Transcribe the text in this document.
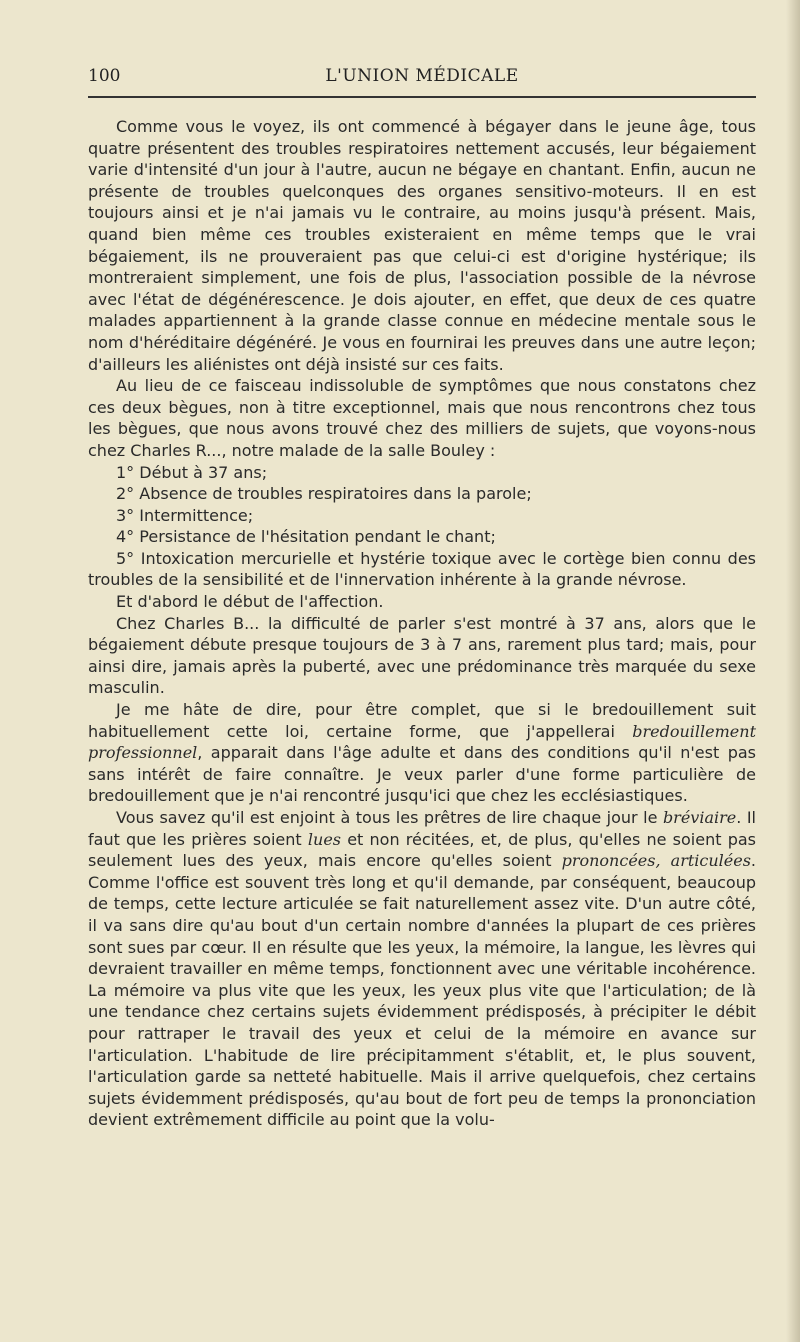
100	L'UNION MÉDICALE

Comme vous le voyez, ils ont commencé à bégayer dans le jeune âge, tous quatre présentent des troubles respiratoires nettement accusés, leur bégaiement varie d'intensité d'un jour à l'autre, aucun ne bégaye en chantant. Enfin, aucun ne présente de troubles quelconques des organes sensitivo-moteurs. Il en est toujours ainsi et je n'ai jamais vu le contraire, au moins jusqu'à présent. Mais, quand bien même ces troubles existeraient en même temps que le vrai bégaiement, ils ne prouveraient pas que celui-ci est d'origine hystérique; ils montreraient simplement, une fois de plus, l'association possible de la névrose avec l'état de dégénérescence. Je dois ajouter, en effet, que deux de ces quatre malades appartiennent à la grande classe connue en médecine mentale sous le nom d'héréditaire dégénéré. Je vous en fournirai les preuves dans une autre leçon; d'ailleurs les aliénistes ont déjà insisté sur ces faits.

Au lieu de ce faisceau indissoluble de symptômes que nous constatons chez ces deux bègues, non à titre exceptionnel, mais que nous rencontrons chez tous les bègues, que nous avons trouvé chez des milliers de sujets, que voyons-nous chez Charles R..., notre malade de la salle Bouley :

1° Début à 37 ans;

2° Absence de troubles respiratoires dans la parole;

3° Intermittence;

4° Persistance de l'hésitation pendant le chant;

5° Intoxication mercurielle et hystérie toxique avec le cortège bien connu des troubles de la sensibilité et de l'innervation inhérente à la grande névrose.

Et d'abord le début de l'affection.

Chez Charles B... la difficulté de parler s'est montré à 37 ans, alors que le bégaiement débute presque toujours de 3 à 7 ans, rarement plus tard; mais, pour ainsi dire, jamais après la puberté, avec une prédominance très marquée du sexe masculin.

Je me hâte de dire, pour être complet, que si le bredouillement suit habituellement cette loi, certaine forme, que j'appellerai bredouillement professionnel, apparait dans l'âge adulte et dans des conditions qu'il n'est pas sans intérêt de faire connaître. Je veux parler d'une forme particulière de bredouillement que je n'ai rencontré jusqu'ici que chez les ecclésiastiques.

Vous savez qu'il est enjoint à tous les prêtres de lire chaque jour le bréviaire. Il faut que les prières soient lues et non récitées, et, de plus, qu'elles ne soient pas seulement lues des yeux, mais encore qu'elles soient prononcées, articulées. Comme l'office est souvent très long et qu'il demande, par conséquent, beaucoup de temps, cette lecture articulée se fait naturellement assez vite. D'un autre côté, il va sans dire qu'au bout d'un certain nombre d'années la plupart de ces prières sont sues par cœur. Il en résulte que les yeux, la mémoire, la langue, les lèvres qui devraient travailler en même temps, fonctionnent avec une véritable incohérence. La mémoire va plus vite que les yeux, les yeux plus vite que l'articulation; de là une tendance chez certains sujets évidemment prédisposés, à précipiter le débit pour rattraper le travail des yeux et celui de la mémoire en avance sur l'articulation. L'habitude de lire précipitamment s'établit, et, le plus souvent, l'articulation garde sa netteté habituelle. Mais il arrive quelquefois, chez certains sujets évidemment prédisposés, qu'au bout de fort peu de temps la prononciation devient extrêmement difficile au point que la volu-
